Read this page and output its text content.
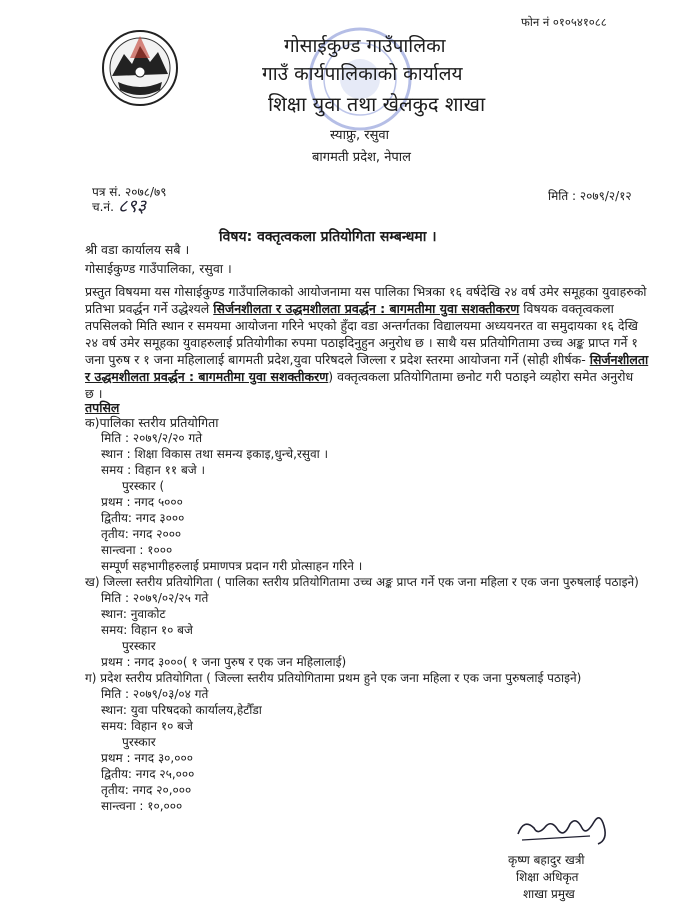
फोन नं ०१०५४१०८८
गोसाईकुण्ड गाउँपालिका
गाउँ कार्यपालिकाको कार्यालय
शिक्षा युवा तथा खेलकुद शाखा
स्याफ्रु, रसुवा
बागमती प्रदेश, नेपाल
पत्र सं. २०७८/७९
च.नं. ८९३	मिति : २०७९/२/१२
विषय: वक्तृत्वकला प्रतियोगिता सम्बन्धमा ।
श्री वडा कार्यालय सबै ।
गोसाईकुण्ड गाउँपालिका, रसुवा ।
प्रस्तुत विषयमा यस गोसाईकुण्ड गाउँपालिकाको आयोजनामा यस पालिका भित्रका १६ वर्षदेखि २४ वर्ष उमेर समूहका युवाहरुको
प्रतिभा प्रवर्द्धन गर्ने उद्धेश्यले सिर्जनशीलता र उद्धमशीलता प्रवर्द्धन : बागमतीमा युवा सशक्तीकरण विषयक वक्तृत्वकला
तपसिलको मिति स्थान र समयमा आयोजना गरिने भएको हुँदा वडा अन्तर्गतका विद्यालयमा अध्ययनरत वा समुदायका १६ देखि
२४ वर्ष उमेर समूहका युवाहरुलाई प्रतियोगीका रुपमा पठाइदिनुहुन अनुरोध छ । साथै यस प्रतियोगितामा उच्च अङ्क प्राप्त गर्ने १
जना पुरुष र १ जना महिलालाई बागमती प्रदेश,युवा परिषदले जिल्ला र प्रदेश स्तरमा आयोजना गर्ने (सोही शीर्षक- सिर्जनशीलता
र उद्धमशीलता प्रवर्द्धन : बागमतीमा युवा सशक्तीकरण) वक्तृत्वकला प्रतियोगितामा छनोट गरी पठाइने व्यहोरा समेत अनुरोध
छ ।
तपसिल
क)पालिका स्तरीय प्रतियोगिता
मिति : २०७९/२/२० गते
स्थान : शिक्षा विकास तथा समन्य इकाइ,धुन्चे,रसुवा ।
समय : विहान ११ बजे ।
पुरस्कार (
प्रथम : नगद ५०००
द्वितीय: नगद ३०००
तृतीय: नगद २०००
सान्त्वना : १०००
सम्पूर्ण सहभागीहरुलाई प्रमाणपत्र प्रदान गरी प्रोत्साहन गरिने ।
ख) जिल्ला स्तरीय प्रतियोगिता ( पालिका स्तरीय प्रतियोगितामा उच्च अङ्क प्राप्त गर्ने एक जना महिला र एक जना पुरुषलाई पठाइने)
मिति : २०७९/०२/२५ गते
स्थान: नुवाकोट
समय: विहान १० बजे
पुरस्कार
प्रथम : नगद ३०००( १ जना पुरुष र एक जन महिलालाई)
ग) प्रदेश स्तरीय प्रतियोगिता ( जिल्ला स्तरीय प्रतियोगितामा प्रथम हुने एक जना महिला र एक जना पुरुषलाई पठाइने)
मिति : २०७९/०३/०४ गते
स्थान: युवा परिषदको कार्यालय,हेटौँडा
समय: विहान १० बजे
पुरस्कार
प्रथम : नगद ३०,०००
द्वितीय: नगद २५,०००
तृतीय: नगद २०,०००
सान्त्वना : १०,०००
कृष्ण बहादुर खत्री
शिक्षा अधिकृत
शाखा प्रमुख
